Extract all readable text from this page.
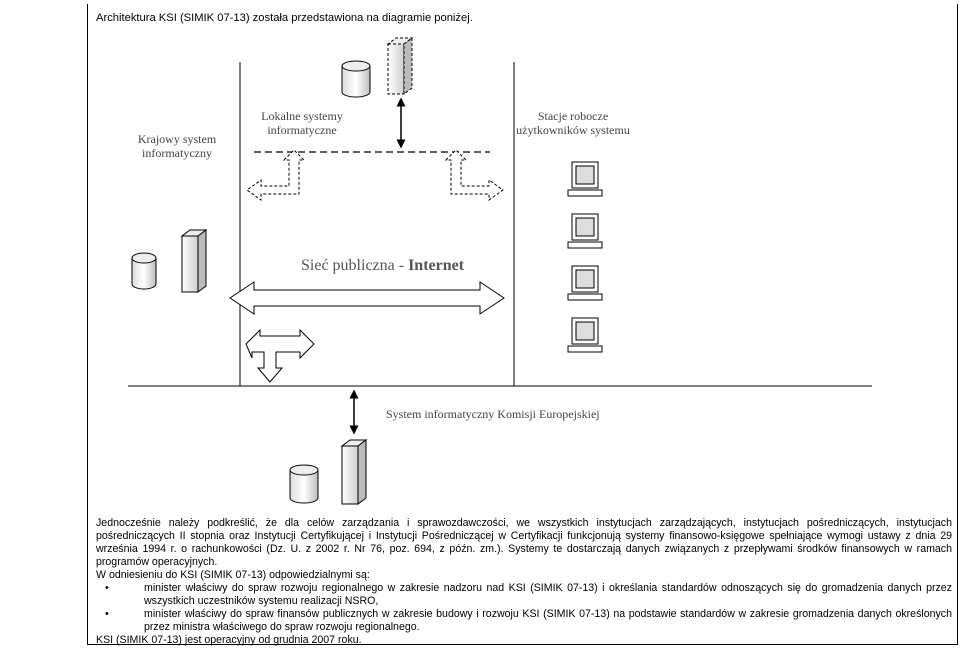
Architektura KSI (SIMIK 07-13) została przedstawiona na diagramie poniżej.
Krajowy system
informatyczny
Lokalne systemy
informatyczne
Stacje robocze
użytkowników systemu
Sieć publiczna - Internet
System informatyczny Komisji Europejskiej

Jednocześnie należy podkreślić, że dla celów zarządzania i sprawozdawczości, we wszystkich instytucjach zarządzających, instytucjach pośredniczących, instytucjach pośredniczących II stopnia oraz Instytucji Certyfikującej i Instytucji Pośredniczącej w Certyfikacji funkcjonują systemy finansowo-księgowe spełniające wymogi ustawy z dnia 29 września 1994 r. o rachunkowości (Dz. U. z 2002 r. Nr 76, poz. 694, z późn. zm.). Systemy te dostarczają danych związanych z przepływami środków finansowych w ramach programów operacyjnych.

W odniesieniu do KSI (SIMIK 07-13) odpowiedzialnymi są:

•	minister właściwy do spraw rozwoju regionalnego w zakresie nadzoru nad KSI (SIMIK 07-13) i określania standardów odnoszących się do gromadzenia danych przez wszystkich uczestników systemu realizacji NSRO,
•	minister właściwy do spraw finansów publicznych w zakresie budowy i rozwoju KSI (SIMIK 07-13) na podstawie standardów w zakresie gromadzenia danych określonych przez ministra właściwego do spraw rozwoju regionalnego.

KSI (SIMIK 07-13) jest operacyjny od grudnia 2007 roku.
